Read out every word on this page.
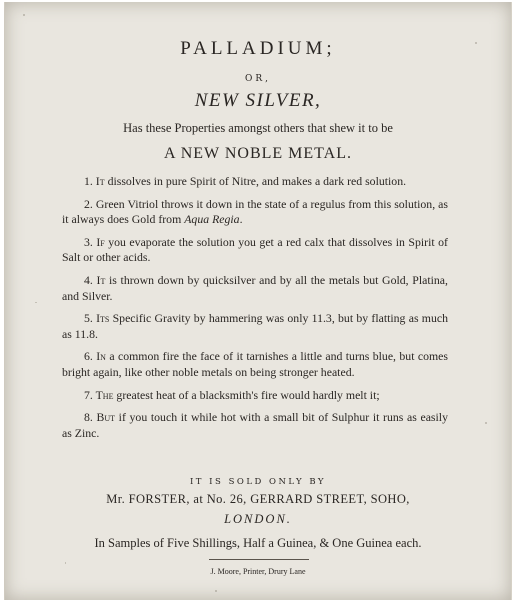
PALLADIUM;
OR,
NEW SILVER,
Has these Properties amongst others that shew it to be
A NEW NOBLE METAL.

1. It dissolves in pure Spirit of Nitre, and makes a dark red solution.

2. Green Vitriol throws it down in the state of a regulus from this solution, as it always does Gold from Aqua Regia.

3. If you evaporate the solution you get a red calx that dissolves in Spirit of Salt or other acids.

4. It is thrown down by quicksilver and by all the metals but Gold, Platina, and Silver.

5. Its Specific Gravity by hammering was only 11.3, but by flatting as much as 11.8.

6. In a common fire the face of it tarnishes a little and turns blue, but comes bright again, like other noble metals on being stronger heated.

7. The greatest heat of a blacksmith's fire would hardly melt it;

8. But if you touch it while hot with a small bit of Sulphur it runs as easily as Zinc.

IT IS SOLD ONLY BY
Mr. FORSTER, at No. 26, GERRARD STREET, SOHO,
LONDON.
In Samples of Five Shillings, Half a Guinea, & One Guinea each.
J. Moore, Printer, Drury Lane
